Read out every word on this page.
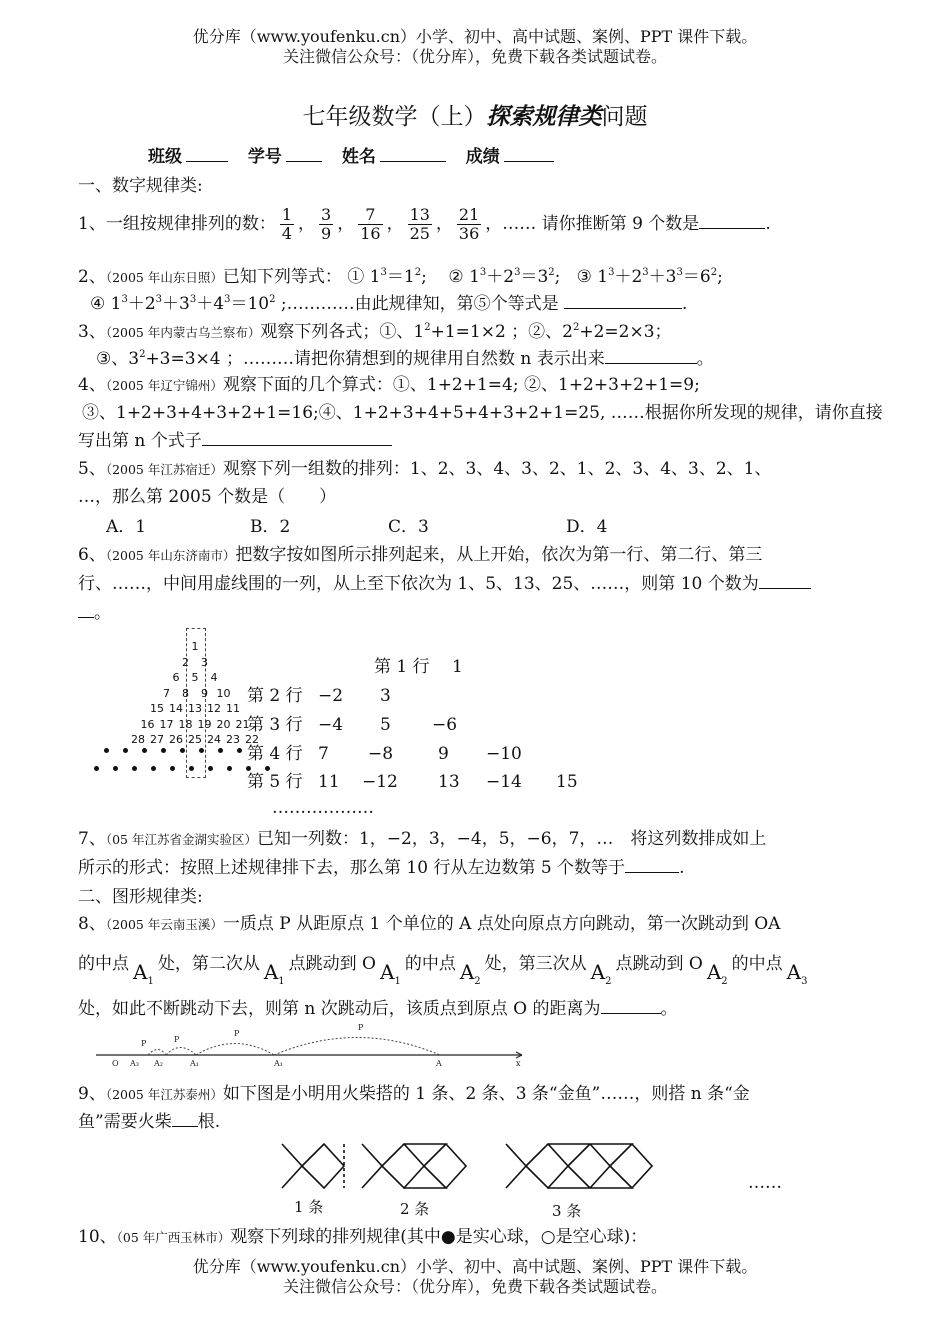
优分库（www.youfenku.cn）小学、初中、高中试题、案例、PPT 课件下载。
关注微信公众号：（优分库），免费下载各类试题试卷。
七年级数学（上）探索规律类问题
班级	学号	姓名	成绩
一、数字规律类:
1、一组按规律排列的数： $\frac{1}{4}$ ， $\frac{3}{9}$ ， $\frac{7}{16}$ ， $\frac{13}{25}$ ， $\frac{21}{36}$ ，…… 请你推断第 9 个数是	.
2、（2005 年山东日照）已知下列等式： ① $1^3=1^2$;    ② $1^3+2^3=3^2$;   ③ $1^3+2^3+3^3=6^2$;
④ $1^3+2^3+3^3+4^3=10^2$ ;…………由此规律知，第⑤个等式是	.
3、（2005 年内蒙古乌兰察布）观察下列各式；①、$1^2+1=1\times 2$ ；②、$2^2+2=2\times 3$；
③、$3^2+3=3\times 4$ ；………请把你猜想到的规律用自然数 n 表示出来	。
4、（2005 年辽宁锦州）观察下面的几个算式：①、1+2+1=4; ②、1+2+3+2+1=9;
③、1+2+3+4+3+2+1=16;④、1+2+3+4+5+4+3+2+1=25, ……根据你所发现的规律，请你直接
写出第 n 个式子
5、（2005 年江苏宿迁）观察下列一组数的排列：1、2、3、4、3、2、1、2、3、4、3、2、1、
…，那么第 2005 个数是（　　）
A．1	B．2	C．3	D．4
6、（2005 年山东济南市）把数字按如图所示排列起来，从上开始，依次为第一行、第二行、第三
行、……，中间用虚线围的一列，从上至下依次为 1、5、13、25、……，则第 10 个数为
。
1
2	3
6	5	4
7	8	9 10
15 14 13 12 11
16 17 18 19 20 21
28 27 26 25 24 23 22
第 1 行 1
第 2 行 −2 3
第 3 行 −4 5 −6
第 4 行 7 −8	9 −10
第 5 行 11 −12 13 −14 15
………………
7、（05 年江苏省金湖实验区）已知一列数：1，−2，3，−4，5，−6，7，…　将这列数排成如上
所示的形式：按照上述规律排下去，那么第 10 行从左边数第 5 个数等于	.
二、图形规律类:
8、（2005 年云南玉溪）一质点 P 从距原点 1 个单位的 A 点处向原点方向跳动，第一次跳动到 OA
的中点 $A_1$处，第二次从 $A_1$点跳动到 O $A_1$的中点 $A_2$处，第三次从 $A_2$点跳动到 O $A_2$的中点 $A_3$
处，如此不断跳动下去，则第 n 次跳动后，该质点到原点 O 的距离为	。
O A₃ A₂	A₁	A₁	A	x
P	P
P
P
9、（2005 年江苏泰州）如下图是小明用火柴搭的 1 条、2 条、3 条“金鱼”……，则搭 n 条“金
鱼”需要火柴 根.
1 条	2 条	3 条
……
10、（05 年广西玉林市）观察下列球的排列规律(其中●是实心球，○是空心球)：
优分库（www.youfenku.cn）小学、初中、高中试题、案例、PPT 课件下载。
关注微信公众号：（优分库），免费下载各类试题试卷。
